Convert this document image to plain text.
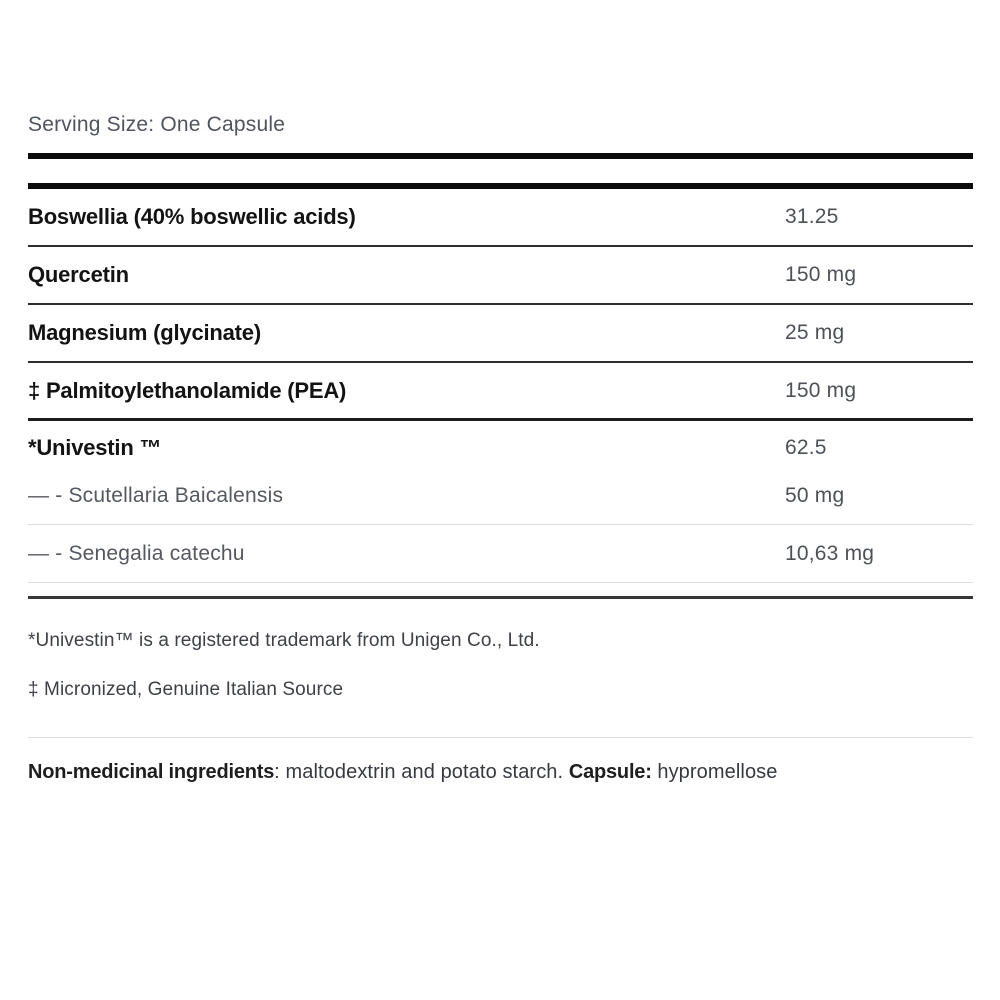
Serving Size: One Capsule
Boswellia (40% boswellic acids)	31.25
Quercetin	150 mg
Magnesium (glycinate)	25 mg
‡ Palmitoylethanolamide (PEA)	150 mg
*Univestin ™	62.5
— - Scutellaria Baicalensis	50 mg
— - Senegalia catechu	10,63 mg
*Univestin™ is a registered trademark from Unigen Co., Ltd.
‡ Micronized, Genuine Italian Source
Non-medicinal ingredients: maltodextrin and potato starch. Capsule: hypromellose
